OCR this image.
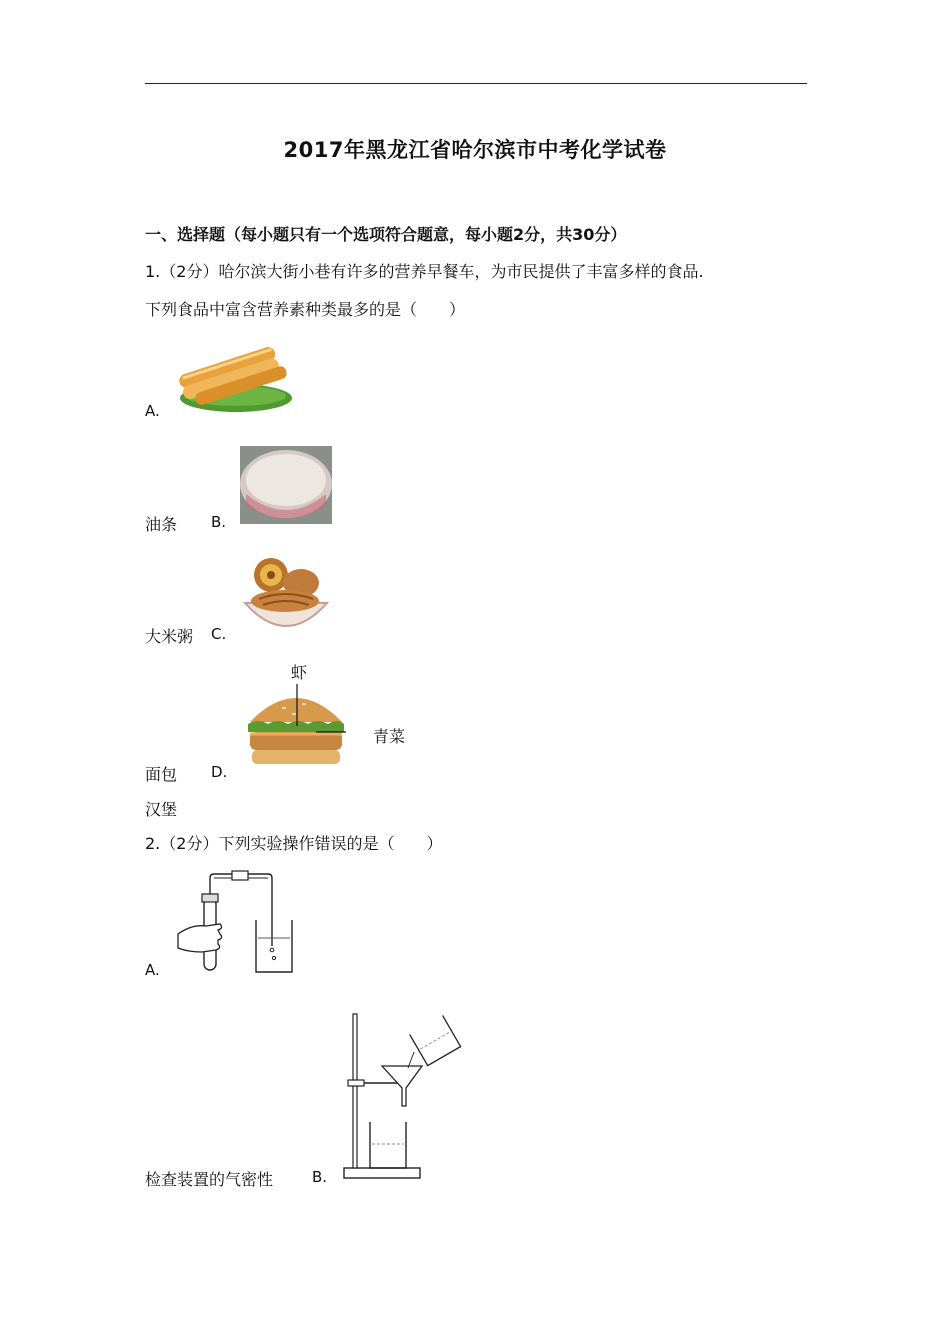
2017年黑龙江省哈尔滨市中考化学试卷
一、选择题（每小题只有一个选项符合题意，每小题2分，共30分）
1.（2分）哈尔滨大街小巷有许多的营养早餐车，为市民提供了丰富多样的食品.
下列食品中富含营养素种类最多的是（　　）
A.
油条 B.
大米粥 C.
虾
青菜
面包 D.
汉堡
2.（2分）下列实验操作错误的是（　　）
A.
检查装置的气密性	B.
